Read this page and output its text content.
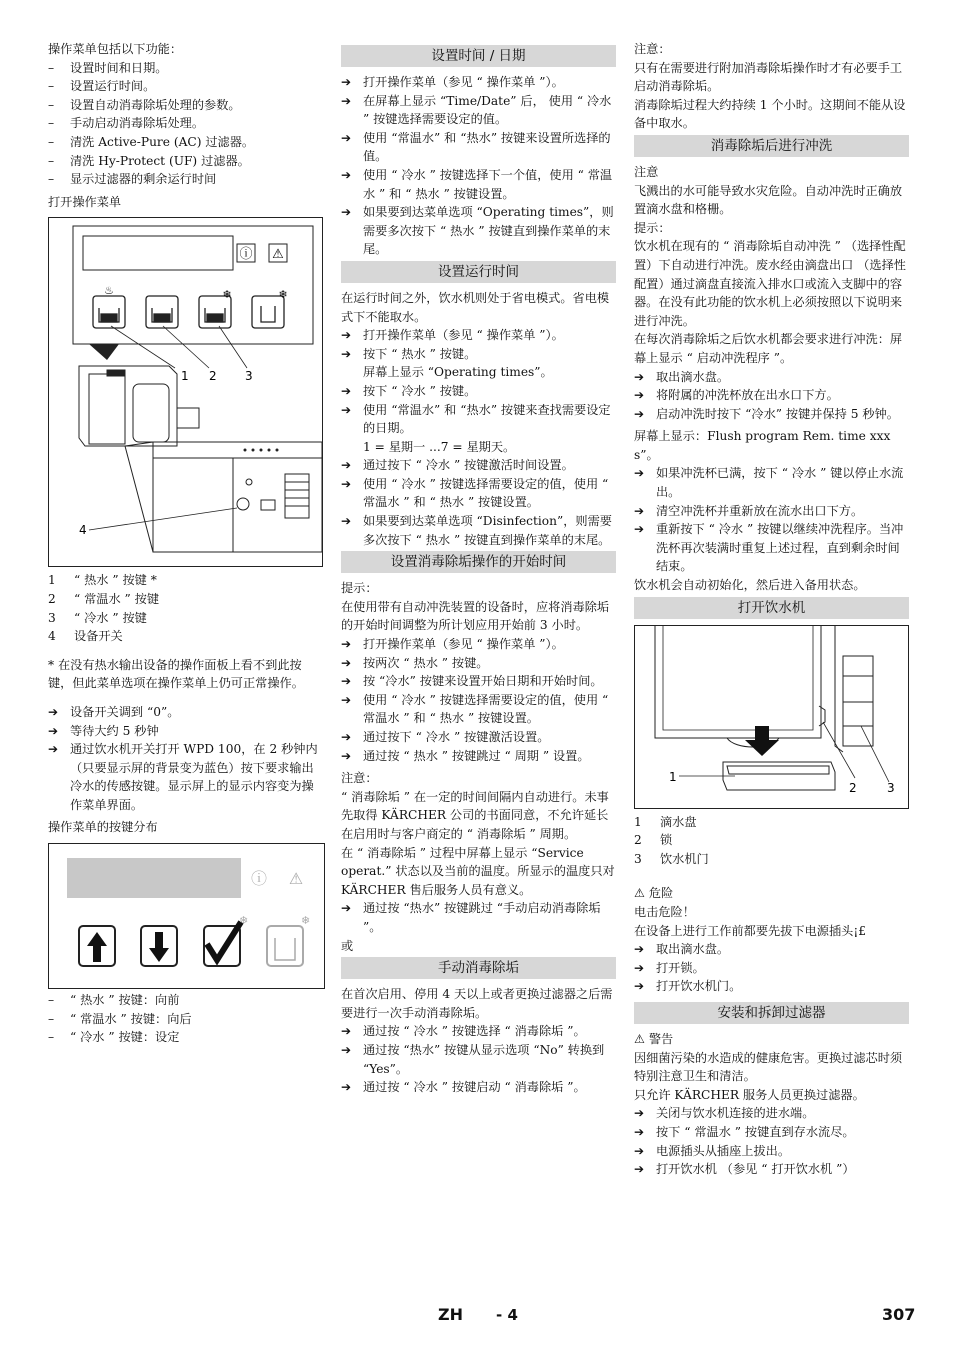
操作菜单包括以下功能：

– 设置时间和日期。

– 设置运行时间。

– 设置自动消毒除垢处理的参数。

– 手动启动消毒除垢处理。

– 清洗 Active-Pure (AC) 过滤器。

– 清洗 Hy-Protect (UF) 过滤器。

– 显示过滤器的剩余运行时间

打开操作菜单

ⓘ ⚠
♨	❄	❄
1 2 3
4

1 “ 热水 ” 按键 *

2 “ 常温水 ” 按键

3 “ 冷水 ” 按键

4 设备开关

* 在没有热水输出设备的操作面板上看不到此按键，但此菜单选项在操作菜单上仍可正常操作。

➔ 设备开关调到 “0”。

➔ 等待大约 5 秒钟

➔ 通过饮水机开关打开 WPD 100，在 2 秒钟内 （只要显示屏的背景变为蓝色）按下要求输出冷水的传感按键。显示屏上的显示内容变为操作菜单界面。

操作菜单的按键分布

ⓘ ⚠
❄	❄

– “ 热水 ” 按键：向前

– “ 常温水 ” 按键：向后

– “ 冷水 ” 按键：设定

设置时间 / 日期

➔ 打开操作菜单（参见 “ 操作菜单 ”）。

➔ 在屏幕上显示 “Time/Date” 后， 使用 “ 冷水 ” 按键选择需要设定的值。

➔ 使用 “常温水” 和 “热水” 按键来设置所选择的值。

➔ 使用 “ 冷水 ” 按键选择下一个值，使用 “ 常温水 ” 和 “ 热水 ” 按键设置。

➔ 如果要到达菜单选项 “Operating times”，则需要多次按下 “ 热水 ” 按键直到操作菜单的末尾。

设置运行时间

在运行时间之外，饮水机则处于省电模式。省电模式下不能取水。

➔ 打开操作菜单（参见 “ 操作菜单 ”）。

➔ 按下 “ 热水 ” 按键。

屏幕上显示 “Operating times”。

➔ 按下 “ 冷水 ” 按键。

➔ 使用 “常温水” 和 “热水” 按键来查找需要设定的日期。

1 = 星期一 ...7 = 星期天。

➔ 通过按下 “ 冷水 ” 按键激活时间设置。

➔ 使用 “ 冷水 ” 按键选择需要设定的值，使用 “ 常温水 ” 和 “ 热水 ” 按键设置。

➔ 如果要到达菜单选项 “Disinfection”，则需要多次按下 “ 热水 ” 按键直到操作菜单的末尾。

设置消毒除垢操作的开始时间

提示：

在使用带有自动冲洗装置的设备时，应将消毒除垢的开始时间调整为所计划应用开始前 3 小时。

➔ 打开操作菜单（参见 “ 操作菜单 ”）。

➔ 按两次 “ 热水 ” 按键。

➔ 按 “冷水” 按键来设置开始日期和开始时间。

➔ 使用 “ 冷水 ” 按键选择需要设定的值，使用 “ 常温水 ” 和 “ 热水 ” 按键设置。

➔ 通过按下 “ 冷水 ” 按键激活设置。

➔ 通过按 “ 热水 ” 按键跳过 “ 周期 ” 设置。

注意：

“ 消毒除垢 ” 在一定的时间间隔内自动进行。未事先取得 KÄRCHER 公司的书面同意，不允许延长在启用时与客户商定的 “ 消毒除垢 ” 周期。

在 “ 消毒除垢 ” 过程中屏幕上显示 “Service operat.” 状态以及当前的温度。所显示的温度只对 KÄRCHER 售后服务人员有意义。

➔ 通过按 “热水” 按键跳过 “手动启动消毒除垢 ”。

或

手动消毒除垢

在首次启用、停用 4 天以上或者更换过滤器之后需要进行一次手动消毒除垢。

➔ 通过按 “ 冷水 ” 按键选择 “ 消毒除垢 ”。

➔ 通过按 “热水” 按键从显示选项 “No” 转换到 “Yes”。

➔ 通过按 “ 冷水 ” 按键启动 “ 消毒除垢 ”。

注意：

只有在需要进行附加消毒除垢操作时才有必要手工启动消毒除垢。

消毒除垢过程大约持续 1 个小时。这期间不能从设备中取水。

消毒除垢后进行冲洗

注意

飞溅出的水可能导致水灾危险。自动冲洗时正确放置滴水盘和格栅。

提示：

饮水机在现有的 “ 消毒除垢自动冲洗 ” （选择性配置）下自动进行冲洗。废水经由滴盘出口 （选择性配置）通过滴盘直接流入排水口或流入支脚中的容器。在没有此功能的饮水机上必须按照以下说明来进行冲洗。

在每次消毒除垢之后饮水机都会要求进行冲洗：屏幕上显示 “ 启动冲洗程序 ”。

➔ 取出滴水盘。

➔ 将附属的冲洗杯放在出水口下方。

➔ 启动冲洗时按下 “冷水” 按键并保持 5 秒钟。

屏幕上显示：Flush program Rem. time xxx s”。

➔ 如果冲洗杯已满，按下 “ 冷水 ” 键以停止水流出。

➔ 清空冲洗杯并重新放在流水出口下方。

➔ 重新按下 “ 冷水 ” 按键以继续冲洗程序。当冲洗杯再次装满时重复上述过程，直到剩余时间结束。

饮水机会自动初始化，然后进入备用状态。

打开饮水机
1
2	3

1 滴水盘

2 锁

3 饮水机门

⚠ 危险

电击危险！

在设备上进行工作前都要先拔下电源插头¡£

➔ 取出滴水盘。

➔ 打开锁。

➔ 打开饮水机门。

安装和拆卸过滤器

⚠ 警告

因细菌污染的水造成的健康危害。更换过滤芯时须特别注意卫生和清洁。

只允许 KÄRCHER 服务人员更换过滤器。

➔ 关闭与饮水机连接的进水端。

➔ 按下 “ 常温水 ” 按键直到存水流尽。

➔ 电源插头从插座上拔出。

➔ 打开饮水机 （参见 “ 打开饮水机 ”）

ZH - 4	307
